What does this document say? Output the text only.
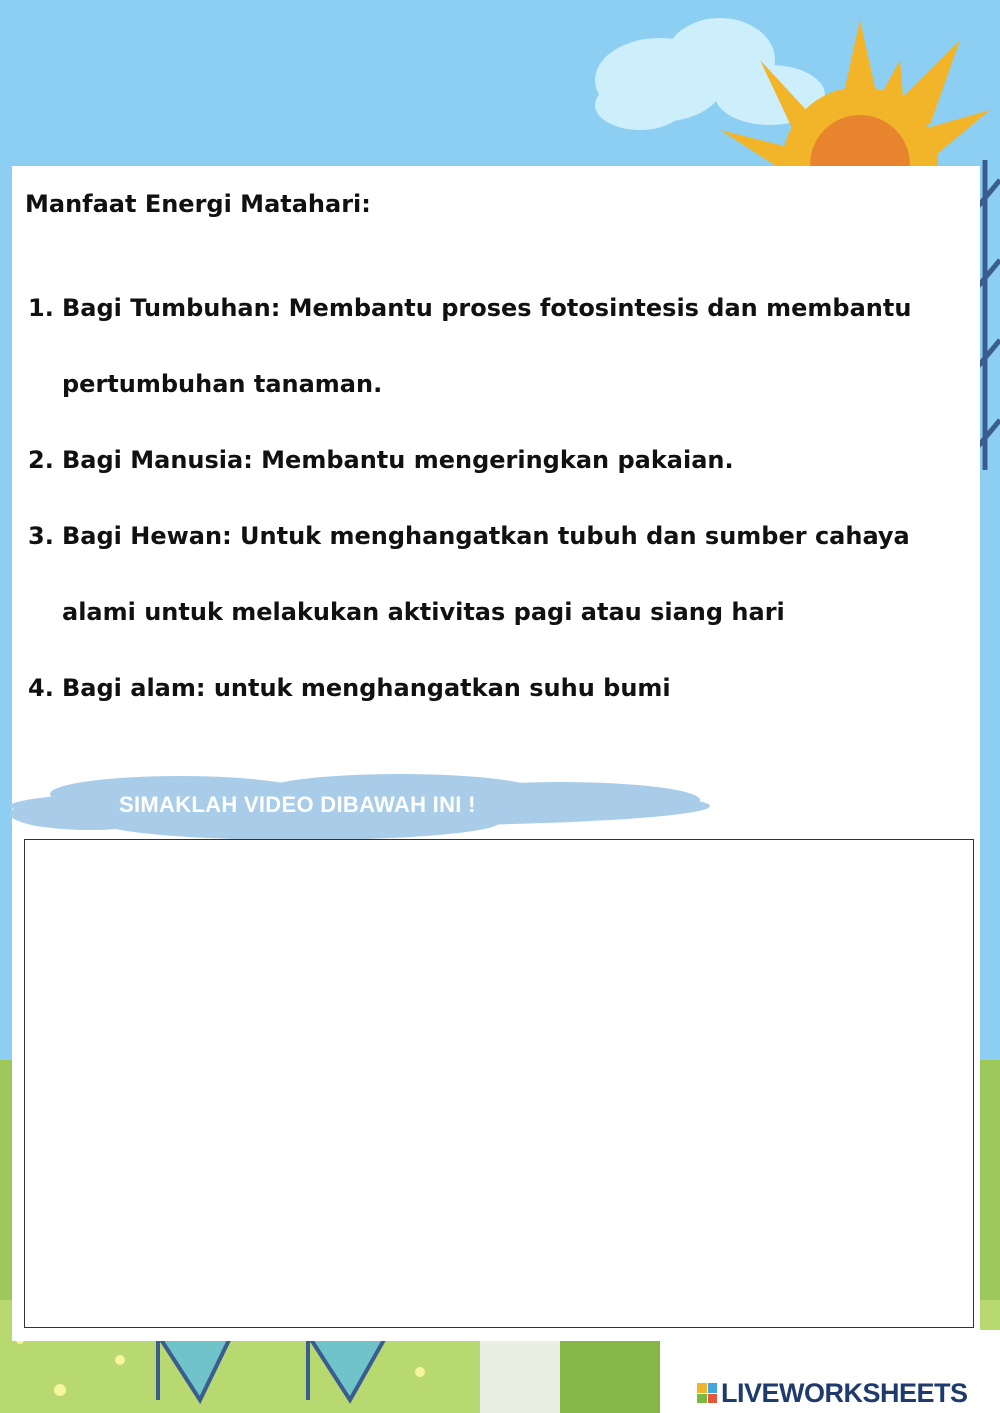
Manfaat Energi Matahari:
1. Bagi Tumbuhan: Membantu proses fotosintesis dan membantu pertumbuhan tanaman.
2. Bagi Manusia: Membantu mengeringkan pakaian.
3. Bagi Hewan: Untuk menghangatkan tubuh dan sumber cahaya alami untuk melakukan aktivitas pagi atau siang hari
4. Bagi alam: untuk menghangatkan suhu bumi
SIMAKLAH VIDEO DIBAWAH INI !
LIVEWORKSHEETS
